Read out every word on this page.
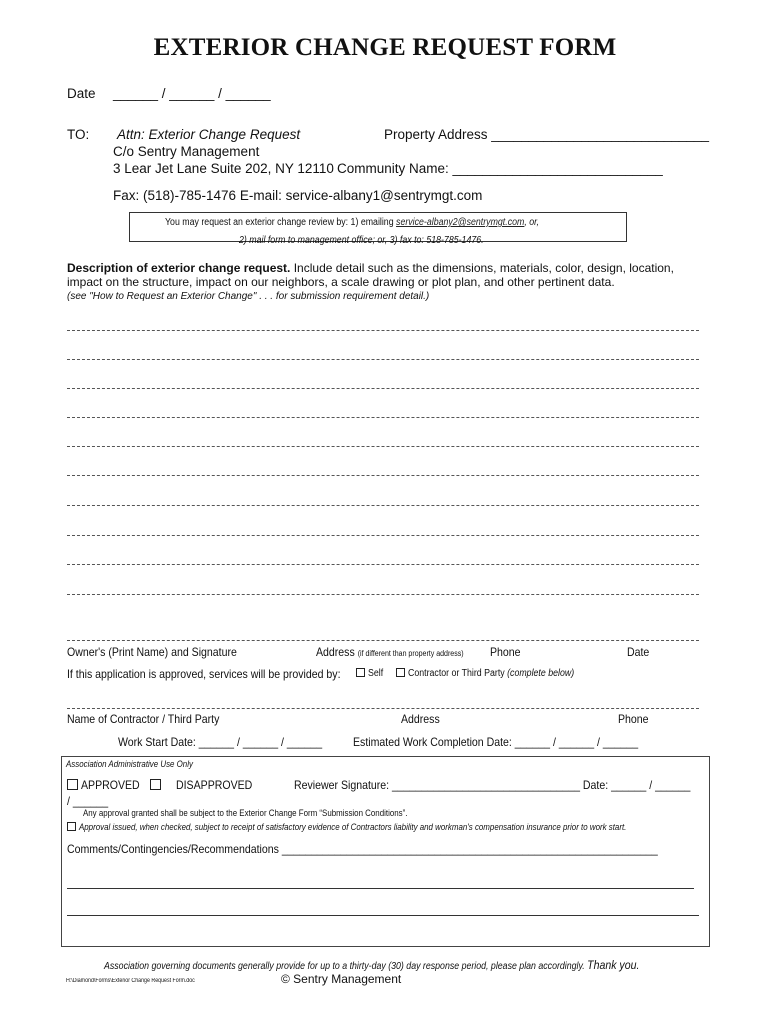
EXTERIOR CHANGE REQUEST FORM
Date ______ / ______ / ______
TO: Attn: Exterior Change Request
C/o Sentry Management
3 Lear Jet Lane Suite 202, NY 12110
Property Address _____________________________
Community Name: ____________________________
Fax: (518)-785-1476 E-mail: service-albany1@sentrymgt.com
You may request an exterior change review by: 1) emailing service-albany2@sentrymgt.com, or,
2) mail form to management office; or, 3) fax to: 518-785-1476.
Description of exterior change request. Include detail such as the dimensions, materials, color, design, location, impact on the structure, impact on our neighbors, a scale drawing or plot plan, and other pertinent data.
(see "How to Request an Exterior Change" . . . for submission requirement detail.)
Owner's (Print Name) and Signature	Address (if different than property address)	Phone	Date
If this application is approved, services will be provided by:	Self	Contractor or Third Party (complete below)
Name of Contractor / Third Party	Address	Phone
Work Start Date: ______ / ______ / ______	Estimated Work Completion Date: ______ / ______ / ______
Association Administrative Use Only
APPROVED	DISAPPROVED	Reviewer Signature: ________________________________ Date: ______ / ______
/ ______
Any approval granted shall be subject to the Exterior Change Form “Submission Conditions”.
Approval issued, when checked, subject to receipt of satisfactory evidence of Contractors liability and workman's compensation insurance prior to work start.
Comments/Contingencies/Recommendations ________________________________________________________________
Association governing documents generally provide for up to a thirty-day (30) day response period, please plan accordingly. Thank you.
H:\Diamond\Forms\Exterior Change Request Form.doc	© Sentry Management
